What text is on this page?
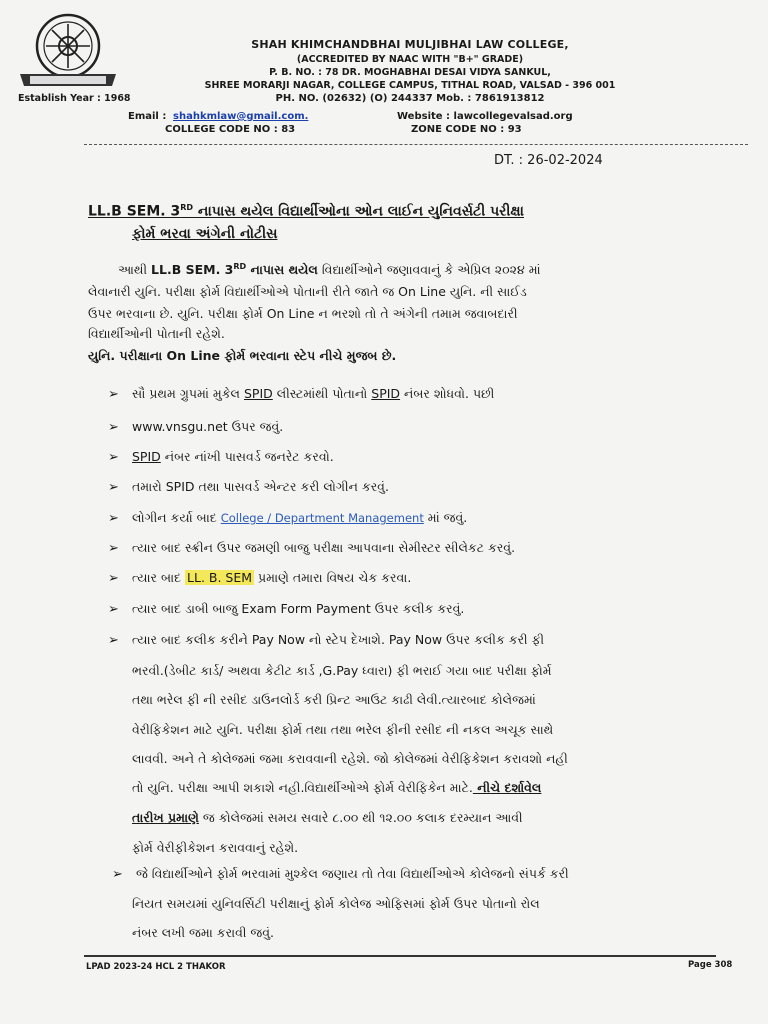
Establish Year : 1968
SHAH KHIMCHANDBHAI MULJIBHAI LAW COLLEGE,
(ACCREDITED BY NAAC WITH "B+" GRADE)
P. B. NO. : 78 DR. MOGHABHAI DESAI VIDYA SANKUL,
SHREE MORARJI NAGAR, COLLEGE CAMPUS, TITHAL ROAD, VALSAD - 396 001
PH. NO. (02632) (O) 244337 Mob. : 7861913812
Email : shahkmlaw@gmail.com.	Website : lawcollegevalsad.org
COLLEGE CODE NO : 83	ZONE CODE NO : 93
DT. : 26-02-2024
LL.B SEM. 3RD નાપાસ થયેલ વિદ્યાર્થીઓના ઓન લાઈન યુનિવર્સટી પરીક્ષા
ફોર્મ ભરવા અંગેની નોટીસ
આથી LL.B SEM. 3RD નાપાસ થયેલ વિદ્યાર્થીઓને જણાવવાનું કે એપ્રિલ ૨૦૨૪ માં
લેવાનારી યુનિ. પરીક્ષા ફોર્મ વિદ્યાર્થીઓએ પોતાની રીતે જાતે જ On Line યુનિ. ની સાઈડ
ઉપર ભરવાના છે. યુનિ. પરીક્ષા ફોર્મ On Line ન ભરશો તો તે અંગેની તમામ જવાબદારી
વિદ્યાર્થીઓની પોતાની રહેશે.
યુનિ. પરીક્ષાના On Line ફોર્મ ભરવાના સ્ટેપ નીચે મુજબ છે.
➢ સૌ પ્રથમ ગ્રુપમાં મુકેલ SPID લીસ્ટમાંથી પોતાનો SPID નંબર શોધવો. પછી
➢ www.vnsgu.net ઉપર જવું.
➢ SPID નંબર નાંખી પાસવર્ડ જનરેટ કરવો.
➢ તમારો SPID તથા પાસવર્ડ એન્ટર કરી લોગીન કરવું.
➢ લોગીન કર્યા બાદ College / Department Management માં જવું.
➢ ત્યાર બાદ સ્ક્રીન ઉપર જમણી બાજુ પરીક્ષા આપવાના સેમીસ્ટર સીલેકટ કરવું.
➢ ત્યાર બાદ LL. B. SEM પ્રમાણે તમારા વિષય ચેક કરવા.
➢ ત્યાર બાદ ડાબી બાજુ Exam Form Payment ઉપર કલીક કરવું.
➢ ત્યાર બાદ કલીક કરીને Pay Now નો સ્ટેપ દેખાશે. Pay Now ઉપર કલીક કરી ફી
ભરવી.(ડેબીટ કાર્ડ/ અથવા કેટીટ કાર્ડ ,G.Pay ધ્વારા) ફી ભરાઈ ગયા બાદ પરીક્ષા ફોર્મ
તથા ભરેલ ફી ની રસીદ ડાઉનલોર્ડ કરી પ્રિન્ટ આઉટ કાઢી લેવી.ત્યારબાદ કોલેજમાં
વેરીફિકેશન માટે યુનિ. પરીક્ષા ફોર્મ તથા તથા ભરેલ ફીની રસીદ ની નકલ અચૂક સાથે
લાવવી. અને તે કોલેજમાં જમા કરાવવાની રહેશે. જો કોલેજમાં વેરીફિકેશન કરાવશો નહી
તો યુનિ. પરીક્ષા આપી શકાશે નહી.વિદ્યાર્થીઓએ ફોર્મ વેરીફિકેન માટે. નીચે દર્શાવેલ
તારીખ પ્રમાણે જ કોલેજમાં સમય સવારે ૮.૦૦ થી ૧૨.૦૦ કલાક દરમ્યાન આવી
ફોર્મ વેરીફીકેશન કરાવવાનું રહેશે.
➢ જે વિદ્યાર્થીઓને ફોર્મ ભરવામાં મુશ્કેલ જણાય તો તેવા વિદ્યાર્થીઓએ કોલેજનો સંપર્ક કરી
નિયત સમયમાં યુનિવર્સિટી પરીક્ષાનું ફોર્મ કોલેજ ઓફિસમાં ફોર્મ ઉપર પોતાનો રોલ
નંબર લખી જમા કરાવી જવું.
LPAD 2023-24 HCL 2 THAKOR	Page 308
